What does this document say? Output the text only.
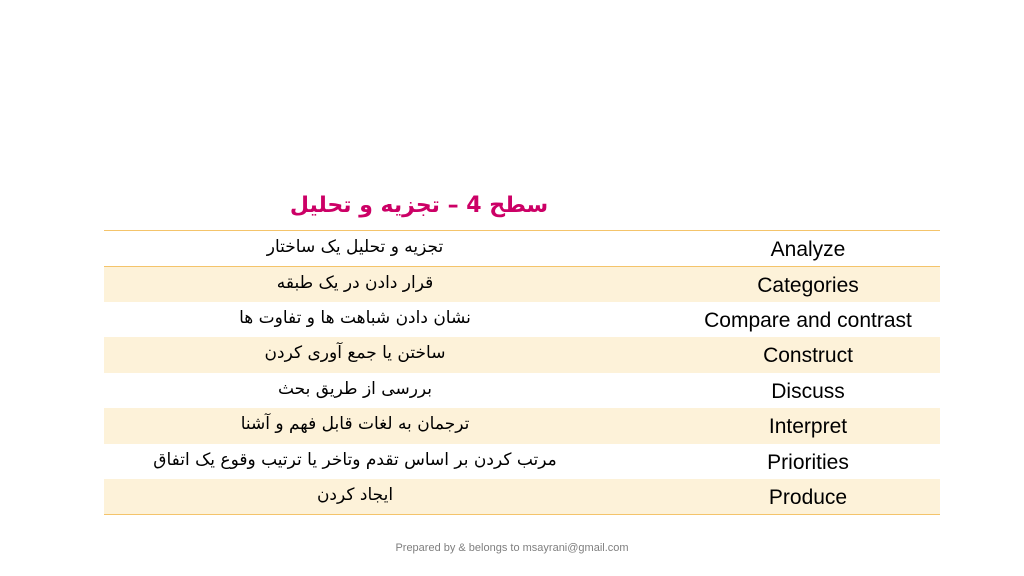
سطح 4 – تجزیه و تحلیل
تجزیه و تحلیل یک ساختار	Analyze
قرار دادن در یک طبقه	Categories
نشان دادن شباهت ها و تفاوت ها	Compare and contrast
ساختن یا جمع آوری کردن	Construct
بررسی از طریق بحث	Discuss
ترجمان به لغات قابل فهم و آشنا	Interpret
مرتب کردن بر اساس تقدم وتاخر یا ترتیب وقوع یک اتفاق	Priorities
ایجاد کردن	Produce
Prepared by & belongs to msayrani@gmail.com
